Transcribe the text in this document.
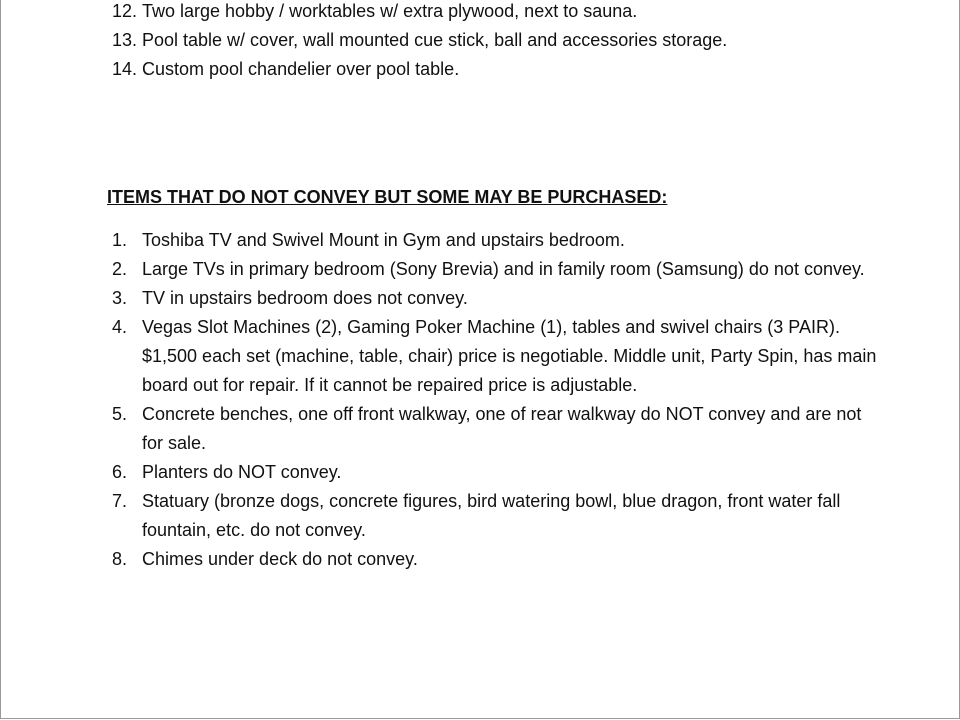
12. Two large hobby / worktables w/ extra plywood, next to sauna.
13. Pool table w/ cover, wall mounted cue stick, ball and accessories storage.
14. Custom pool chandelier over pool table.
ITEMS THAT DO NOT CONVEY BUT SOME MAY BE PURCHASED:
1. Toshiba TV and Swivel Mount in Gym and upstairs bedroom.
2. Large TVs in primary bedroom (Sony Brevia) and in family room (Samsung) do not convey.
3. TV in upstairs bedroom does not convey.
4. Vegas Slot Machines (2), Gaming Poker Machine (1), tables and swivel chairs (3 PAIR). $1,500 each set (machine, table, chair) price is negotiable. Middle unit, Party Spin, has main board out for repair. If it cannot be repaired price is adjustable.
5. Concrete benches, one off front walkway, one of rear walkway do NOT convey and are not for sale.
6. Planters do NOT convey.
7. Statuary (bronze dogs, concrete figures, bird watering bowl, blue dragon, front water fall fountain, etc. do not convey.
8. Chimes under deck do not convey.
